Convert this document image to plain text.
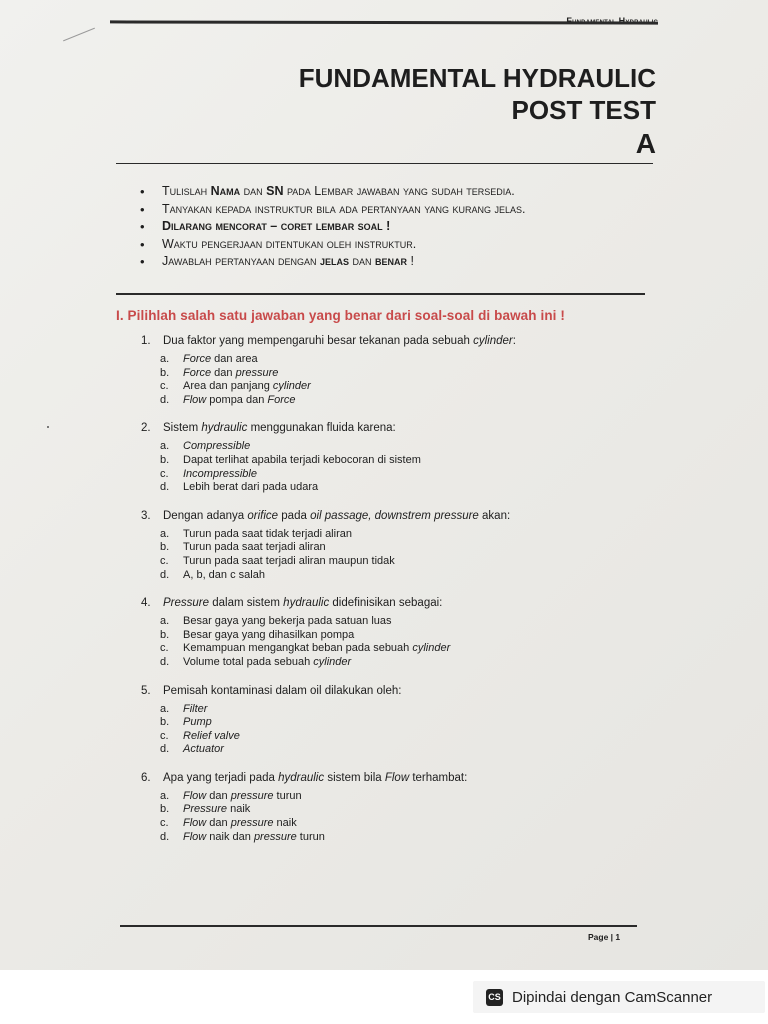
FUNDAMENTAL HYDRAULIC
POST TEST
A
• Tulislah Nama dan SN pada Lembar jawaban yang sudah tersedia.
• Tanyakan kepada instruktur bila ada pertanyaan yang kurang jelas.
• Dilarang mencorat – coret lembar soal !
• Waktu pengerjaan ditentukan oleh instruktur.
• Jawablah pertanyaan dengan jelas dan benar !
I. Pilihlah salah satu jawaban yang benar dari soal-soal di bawah ini !
1.	Dua faktor yang mempengaruhi besar tekanan pada sebuah cylinder:
a.	Force dan area
b.	Force dan pressure
c.	Area dan panjang cylinder
d.	Flow pompa dan Force
2.	Sistem hydraulic menggunakan fluida karena:
a.	Compressible
b.	Dapat terlihat apabila terjadi kebocoran di sistem
c.	Incompressible
d.	Lebih berat dari pada udara
3.	Dengan adanya orifice pada oil passage, downstrem pressure akan:
a.	Turun pada saat tidak terjadi aliran
b.	Turun pada saat terjadi aliran
c.	Turun pada saat terjadi aliran maupun tidak
d.	A, b, dan c salah
4.	Pressure dalam sistem hydraulic didefinisikan sebagai:
a.	Besar gaya yang bekerja pada satuan luas
b.	Besar gaya yang dihasilkan pompa
c.	Kemampuan mengangkat beban pada sebuah cylinder
d.	Volume total pada sebuah cylinder
5.	Pemisah kontaminasi dalam oil dilakukan oleh:
a.	Filter
b.	Pump
c.	Relief valve
d.	Actuator
6.	Apa yang terjadi pada hydraulic sistem bila Flow terhambat:
a.	Flow dan pressure turun
b.	Pressure naik
c.	Flow dan pressure naik
d.	Flow naik dan pressure turun
Page | 1
CS Dipindai dengan CamScanner
